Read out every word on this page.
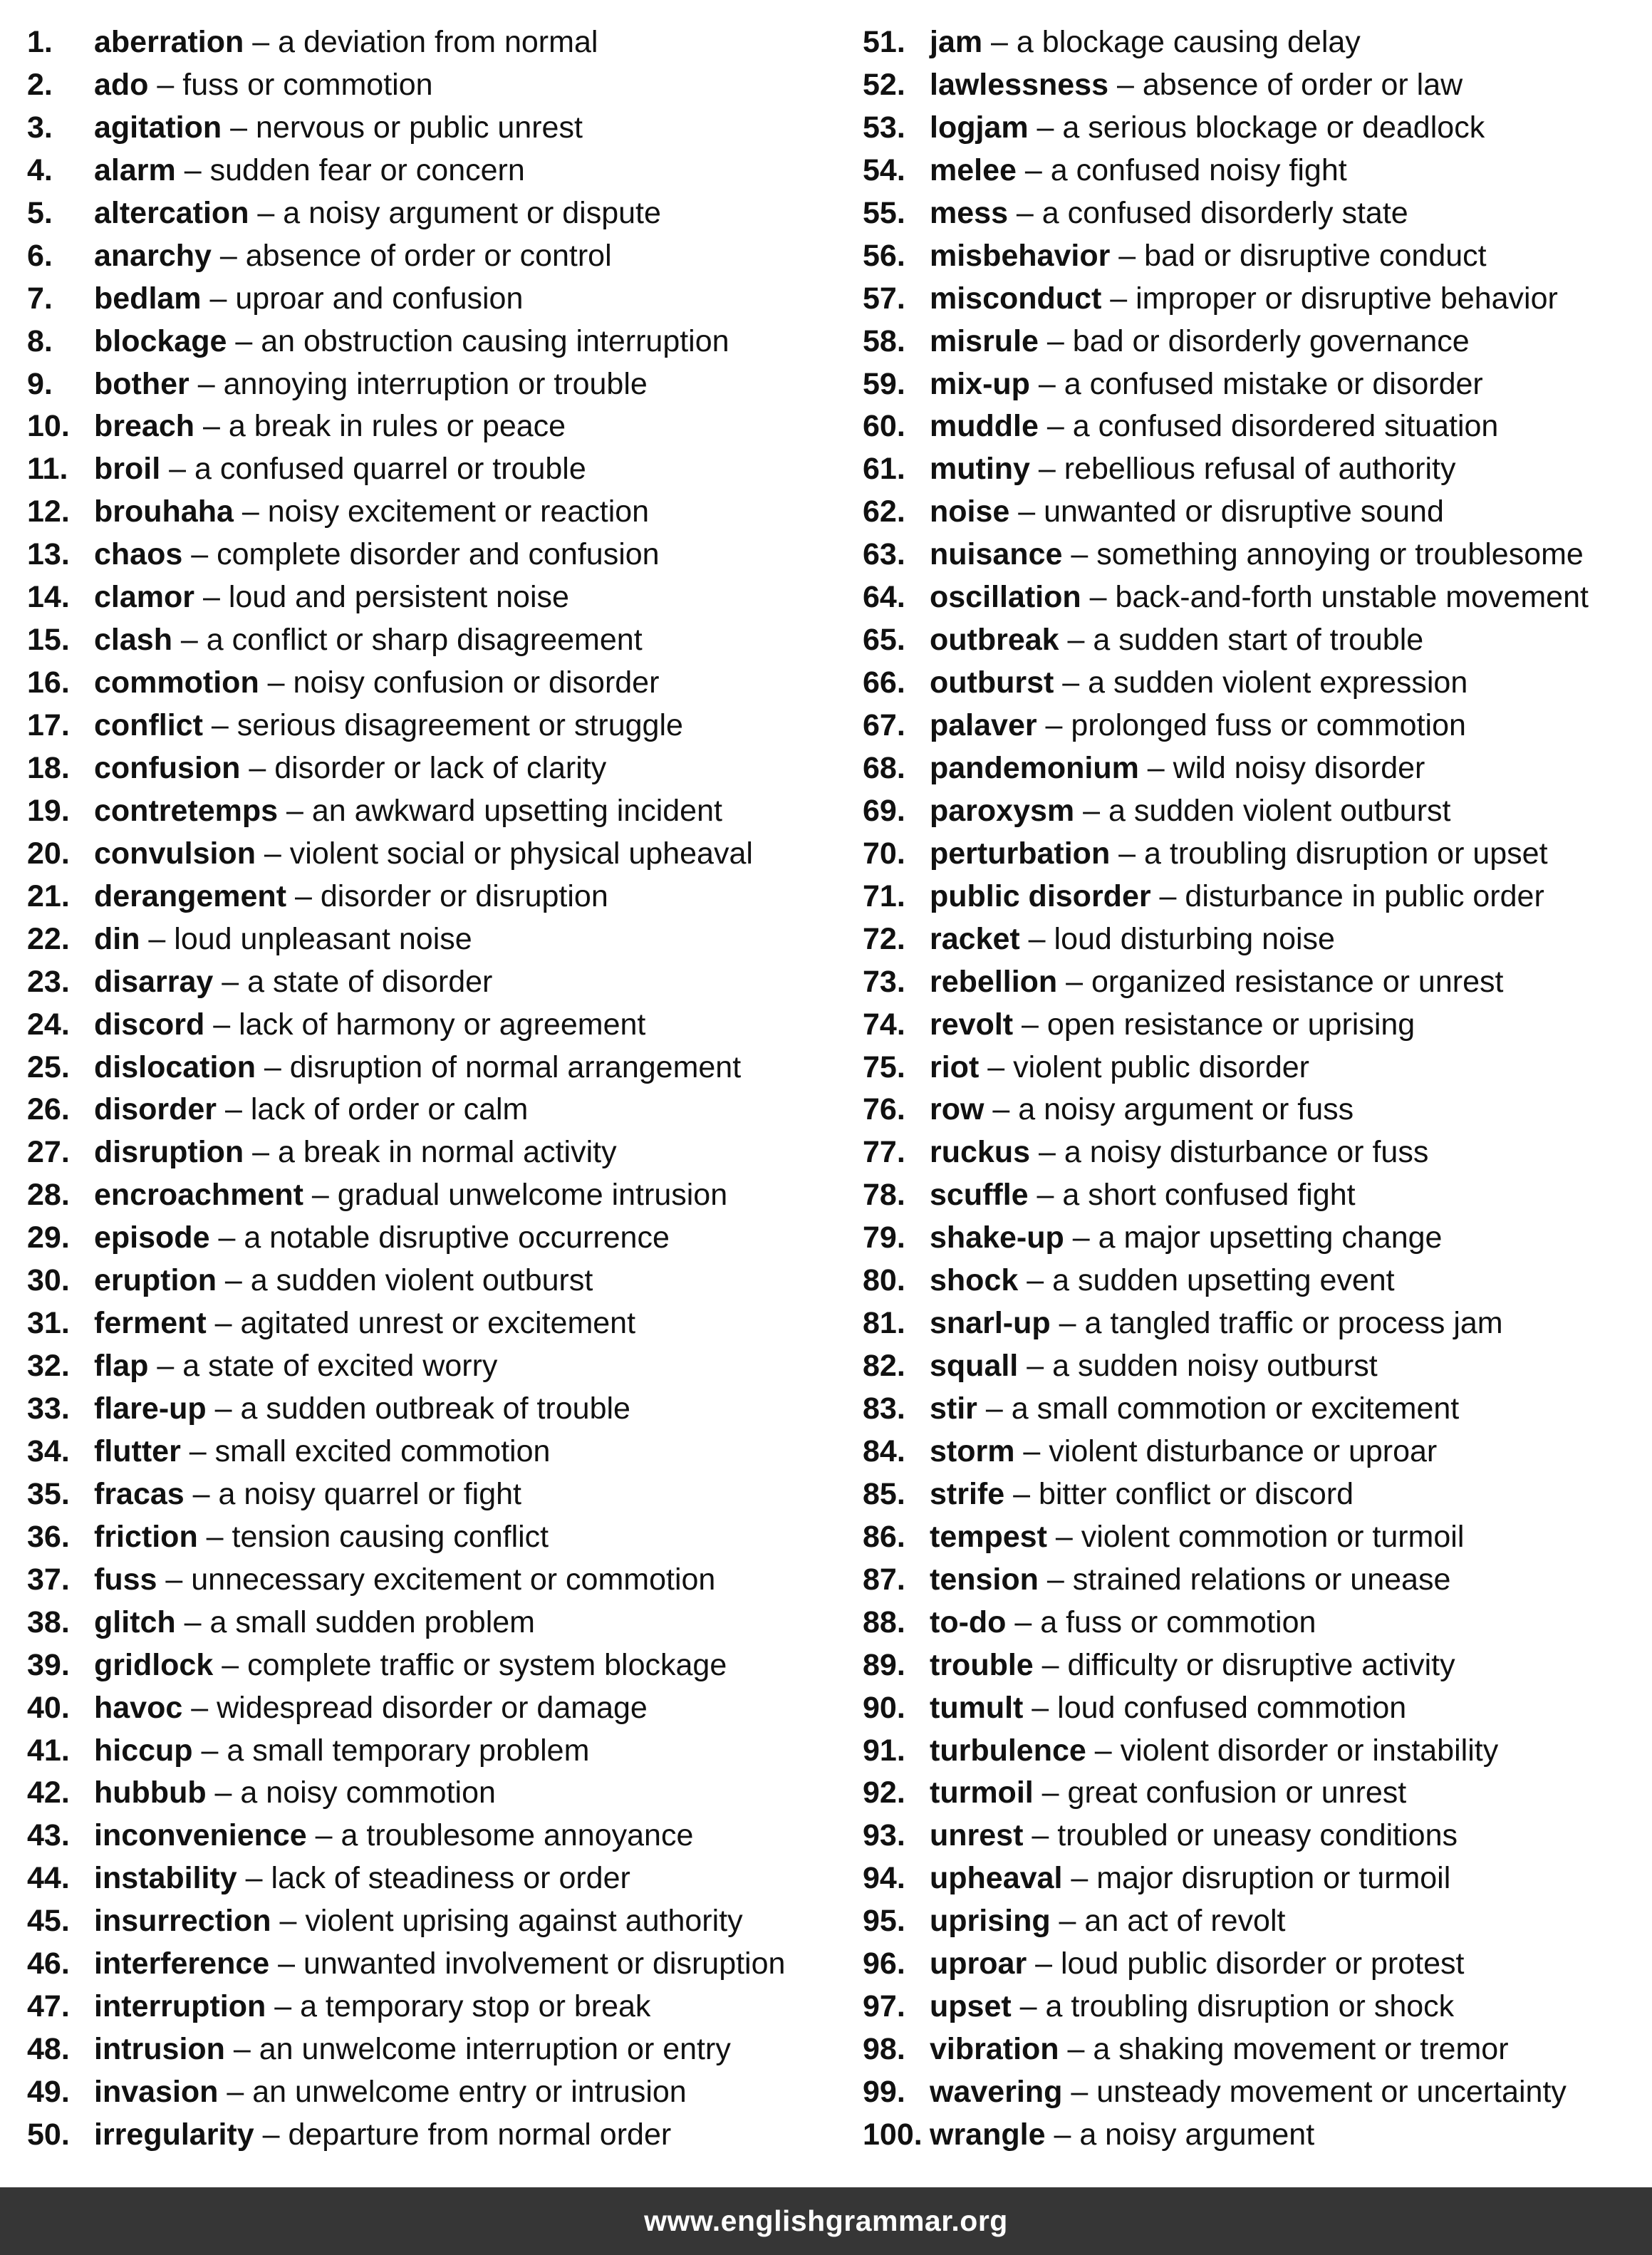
1.	aberration – a deviation from normal
2.	ado – fuss or commotion
3.	agitation – nervous or public unrest
4.	alarm – sudden fear or concern
5.	altercation – a noisy argument or dispute
6.	anarchy – absence of order or control
7.	bedlam – uproar and confusion
8.	blockage – an obstruction causing interruption
9.	bother – annoying interruption or trouble
10. breach – a break in rules or peace
11. broil – a confused quarrel or trouble
12. brouhaha – noisy excitement or reaction
13. chaos – complete disorder and confusion
14. clamor – loud and persistent noise
15. clash – a conflict or sharp disagreement
16. commotion – noisy confusion or disorder
17. conflict – serious disagreement or struggle
18. confusion – disorder or lack of clarity
19. contretemps – an awkward upsetting incident
20. convulsion – violent social or physical upheaval
21. derangement – disorder or disruption
22. din – loud unpleasant noise
23. disarray – a state of disorder
24. discord – lack of harmony or agreement
25. dislocation – disruption of normal arrangement
26. disorder – lack of order or calm
27. disruption – a break in normal activity
28. encroachment – gradual unwelcome intrusion
29. episode – a notable disruptive occurrence
30. eruption – a sudden violent outburst
31. ferment – agitated unrest or excitement
32. flap – a state of excited worry
33. flare-up – a sudden outbreak of trouble
34. flutter – small excited commotion
35. fracas – a noisy quarrel or fight
36. friction – tension causing conflict
37. fuss – unnecessary excitement or commotion
38. glitch – a small sudden problem
39. gridlock – complete traffic or system blockage
40. havoc – widespread disorder or damage
41. hiccup – a small temporary problem
42. hubbub – a noisy commotion
43. inconvenience – a troublesome annoyance
44. instability – lack of steadiness or order
45. insurrection – violent uprising against authority
46. interference – unwanted involvement or disruption
47. interruption – a temporary stop or break
48. intrusion – an unwelcome interruption or entry
49. invasion – an unwelcome entry or intrusion
50. irregularity – departure from normal order
51. jam – a blockage causing delay
52. lawlessness – absence of order or law
53. logjam – a serious blockage or deadlock
54. melee – a confused noisy fight
55. mess – a confused disorderly state
56. misbehavior – bad or disruptive conduct
57. misconduct – improper or disruptive behavior
58. misrule – bad or disorderly governance
59. mix-up – a confused mistake or disorder
60. muddle – a confused disordered situation
61. mutiny – rebellious refusal of authority
62. noise – unwanted or disruptive sound
63. nuisance – something annoying or troublesome
64. oscillation – back-and-forth unstable movement
65. outbreak – a sudden start of trouble
66. outburst – a sudden violent expression
67. palaver – prolonged fuss or commotion
68. pandemonium – wild noisy disorder
69. paroxysm – a sudden violent outburst
70. perturbation – a troubling disruption or upset
71. public disorder – disturbance in public order
72. racket – loud disturbing noise
73. rebellion – organized resistance or unrest
74. revolt – open resistance or uprising
75. riot – violent public disorder
76. row – a noisy argument or fuss
77. ruckus – a noisy disturbance or fuss
78. scuffle – a short confused fight
79. shake-up – a major upsetting change
80. shock – a sudden upsetting event
81. snarl-up – a tangled traffic or process jam
82. squall – a sudden noisy outburst
83. stir – a small commotion or excitement
84. storm – violent disturbance or uproar
85. strife – bitter conflict or discord
86. tempest – violent commotion or turmoil
87. tension – strained relations or unease
88. to-do – a fuss or commotion
89. trouble – difficulty or disruptive activity
90. tumult – loud confused commotion
91. turbulence – violent disorder or instability
92. turmoil – great confusion or unrest
93. unrest – troubled or uneasy conditions
94. upheaval – major disruption or turmoil
95. uprising – an act of revolt
96. uproar – loud public disorder or protest
97. upset – a troubling disruption or shock
98. vibration – a shaking movement or tremor
99. wavering – unsteady movement or uncertainty
100. wrangle – a noisy argument
www.englishgrammar.org
